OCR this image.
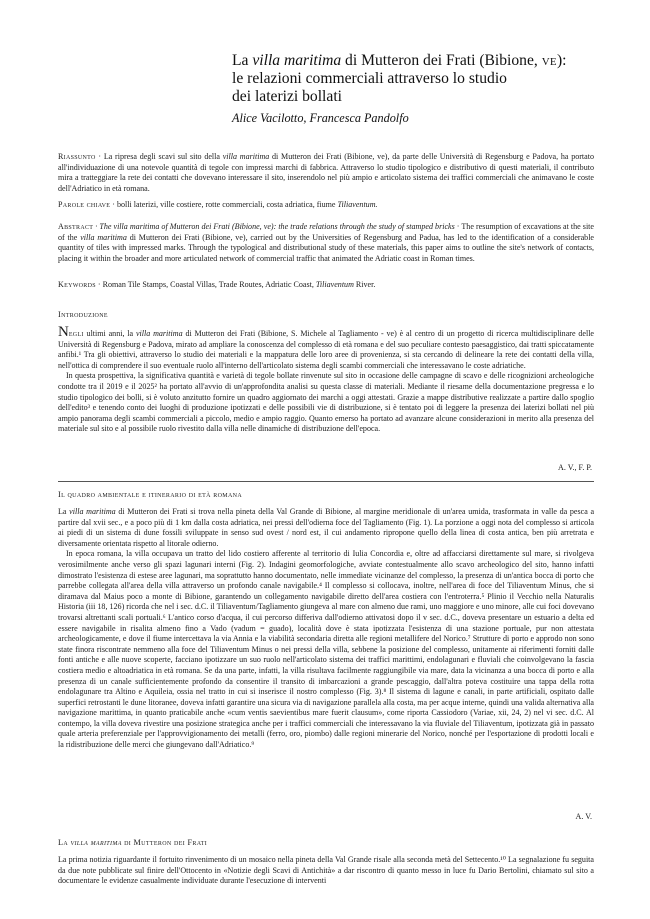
La villa maritima di Mutteron dei Frati (Bibione, ve):
le relazioni commerciali attraverso lo studio
dei laterizi bollati
Alice Vacilotto, Francesca Pandolfo
Riassunto · La ripresa degli scavi sul sito della villa maritima di Mutteron dei Frati (Bibione, ve), da parte delle Università di Regensburg e Padova, ha portato all'individuazione di una notevole quantità di tegole con impressi marchi di fabbrica. Attraverso lo studio tipologico e distributivo di questi materiali, il contributo mira a tratteggiare la rete dei contatti che dovevano interessare il sito, inserendolo nel più ampio e articolato sistema dei traffici commerciali che animavano le coste dell'Adriatico in età romana.
Parole chiave · bolli laterizi, ville costiere, rotte commerciali, costa adriatica, fiume Tiliaventum.
Abstract · The villa maritima of Mutteron dei Frati (Bibione, ve): the trade relations through the study of stamped bricks · The resumption of excavations at the site of the villa maritima di Mutteron dei Frati (Bibione, ve), carried out by the Universities of Regensburg and Padua, has led to the identification of a considerable quantity of tiles with impressed marks. Through the typological and distributional study of these materials, this paper aims to outline the site's network of contacts, placing it within the broader and more articulated network of commercial traffic that animated the Adriatic coast in Roman times.
Keywords · Roman Tile Stamps, Coastal Villas, Trade Routes, Adriatic Coast, Tiliaventum River.
Introduzione

Negli ultimi anni, la villa maritima di Mutteron dei Frati (Bibione, S. Michele al Tagliamento - ve) è al centro di un progetto di ricerca multidisciplinare delle Università di Regensburg e Padova, mirato ad ampliare la conoscenza del complesso di età romana e del suo peculiare contesto paesaggistico, dai tratti spiccatamente anfibi.¹ Tra gli obiettivi, attraverso lo studio dei materiali e la mappatura delle loro aree di provenienza, si sta cercando di delineare la rete dei contatti della villa, nell'ottica di comprendere il suo eventuale ruolo all'interno dell'articolato sistema degli scambi commerciali che interessavano le coste adriatiche.

In questa prospettiva, la significativa quantità e varietà di tegole bollate rinvenute sul sito in occasione delle campagne di scavo e delle ricognizioni archeologiche condotte tra il 2019 e il 2025² ha portato all'avvio di un'approfondita analisi su questa classe di materiali. Mediante il riesame della documentazione pregressa e lo studio tipologico dei bolli, si è voluto anzitutto fornire un quadro aggiornato dei marchi a oggi attestati. Grazie a mappe distributive realizzate a partire dallo spoglio dell'edito³ e tenendo conto dei luoghi di produzione ipotizzati e delle possibili vie di distribuzione, si è tentato poi di leggere la presenza dei laterizi bollati nel più ampio panorama degli scambi commerciali a piccolo, medio e ampio raggio. Quanto emerso ha portato ad avanzare alcune considerazioni in merito alla presenza del materiale sul sito e al possibile ruolo rivestito dalla villa nelle dinamiche di distribuzione dell'epoca.

A. V., F. P.
Il quadro ambientale e itinerario di età romana

La villa maritima di Mutteron dei Frati si trova nella pineta della Val Grande di Bibione, al margine meridionale di un'area umida, trasformata in valle da pesca a partire dal xvii sec., e a poco più di 1 km dalla costa adriatica, nei pressi dell'odierna foce del Tagliamento (Fig. 1). La porzione a oggi nota del complesso si articola ai piedi di un sistema di dune fossili sviluppate in senso sud ovest / nord est, il cui andamento ripropone quello della linea di costa antica, ben più arretrata e diversamente orientata rispetto al litorale odierno.

In epoca romana, la villa occupava un tratto del lido costiero afferente al territorio di Iulia Concordia e, oltre ad affacciarsi direttamente sul mare, si rivolgeva verosimilmente anche verso gli spazi lagunari interni (Fig. 2). Indagini geomorfologiche, avviate contestualmente allo scavo archeologico del sito, hanno infatti dimostrato l'esistenza di estese aree lagunari, ma soprattutto hanno documentato, nelle immediate vicinanze del complesso, la presenza di un'antica bocca di porto che parrebbe collegata all'area della villa attraverso un profondo canale navigabile.⁴ Il complesso si collocava, inoltre, nell'area di foce del Tiliaventum Minus, che si diramava dal Maius poco a monte di Bibione, garantendo un collegamento navigabile diretto dell'area costiera con l'entroterra.⁵ Plinio il Vecchio nella Naturalis Historia (iii 18, 126) ricorda che nel i sec. d.C. il Tiliaventum/Tagliamento giungeva al mare con almeno due rami, uno maggiore e uno minore, alle cui foci dovevano trovarsi altrettanti scali portuali.⁶ L'antico corso d'acqua, il cui percorso differiva dall'odierno attivatosi dopo il v sec. d.C., doveva presentare un estuario a delta ed essere navigabile in risalita almeno fino a Vado (vadum = guado), località dove è stata ipotizzata l'esistenza di una stazione portuale, pur non attestata archeologicamente, e dove il fiume intercettava la via Annia e la viabilità secondaria diretta alle regioni metallifere del Norico.⁷ Strutture di porto e approdo non sono state finora riscontrate nemmeno alla foce del Tiliaventum Minus o nei pressi della villa, sebbene la posizione del complesso, unitamente ai riferimenti forniti dalle fonti antiche e alle nuove scoperte, facciano ipotizzare un suo ruolo nell'articolato sistema dei traffici marittimi, endolagunari e fluviali che coinvolgevano la fascia costiera medio e altoadriatica in età romana. Se da una parte, infatti, la villa risultava facilmente raggiungibile via mare, data la vicinanza a una bocca di porto e alla presenza di un canale sufficientemente profondo da consentire il transito di imbarcazioni a grande pescaggio, dall'altra poteva costituire una tappa della rotta endolagunare tra Altino e Aquileia, ossia nel tratto in cui si inserisce il nostro complesso (Fig. 3).⁸ Il sistema di lagune e canali, in parte artificiali, ospitato dalle superfici retrostanti le dune litoranee, doveva infatti garantire una sicura via di navigazione parallela alla costa, ma per acque interne, quindi una valida alternativa alla navigazione marittima, in quanto praticabile anche «cum ventis saevientibus mare fuerit clausum», come riporta Cassiodoro (Variae, xii, 24, 2) nel vi sec. d.C. Al contempo, la villa doveva rivestire una posizione strategica anche per i traffici commerciali che interessavano la via fluviale del Tiliaventum, ipotizzata già in passato quale arteria preferenziale per l'approvvigionamento dei metalli (ferro, oro, piombo) dalle regioni minerarie del Norico, nonché per l'esportazione di prodotti locali e la ridistribuzione delle merci che giungevano dall'Adriatico.⁹

A. V.
La villa maritima di Mutteron dei Frati

La prima notizia riguardante il fortuito rinvenimento di un mosaico nella pineta della Val Grande risale alla seconda metà del Settecento.¹⁰ La segnalazione fu seguita da due note pubblicate sul finire dell'Ottocento in «Notizie degli Scavi di Antichità» a dar riscontro di quanto messo in luce fu Dario Bertolini, chiamato sul sito a documentare le evidenze casualmente individuate durante l'esecuzione di interventi
